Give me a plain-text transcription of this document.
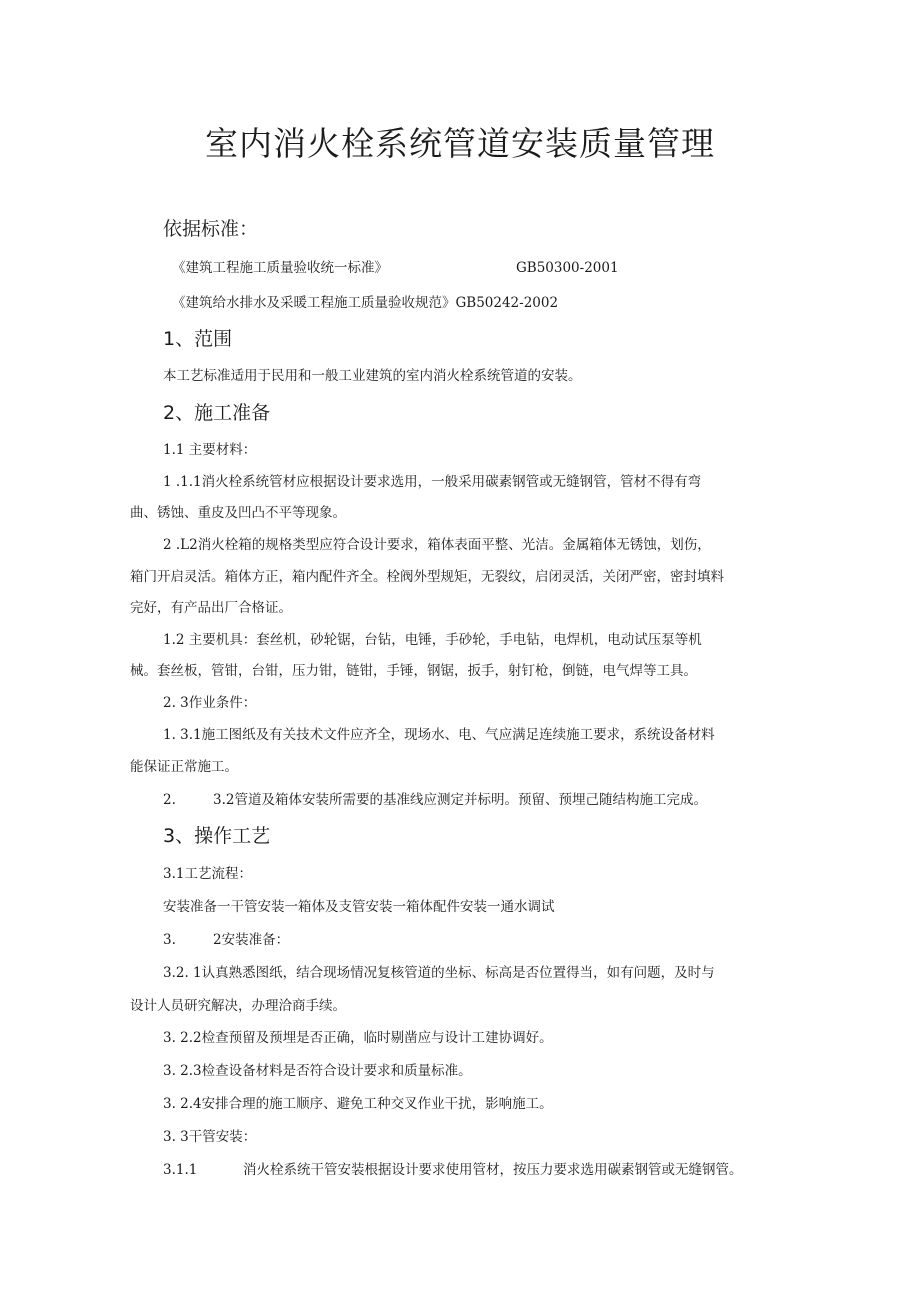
室内消火栓系统管道安装质量管理
依据标准：
《建筑工程施工质量验收统一标准》	GB50300-2001
《建筑给水排水及采暖工程施工质量验收规范》GB50242-2002
1、范围
本工艺标准适用于民用和一般工业建筑的室内消火栓系统管道的安装。
2、施工准备
1.1 主要材料：
1 .1.1消火栓系统管材应根据设计要求选用，一般采用碳素钢管或无缝钢管，管材不得有弯
曲、锈蚀、重皮及凹凸不平等现象。
2 .L2消火栓箱的规格类型应符合设计要求，箱体表面平整、光洁。金属箱体无锈蚀，划伤，
箱门开启灵活。箱体方正，箱内配件齐全。栓阀外型规矩，无裂纹，启闭灵活，关闭严密，密封填料
完好，有产品出厂合格证。
1.2 主要机具：套丝机，砂轮锯，台钻，电锤，手砂轮，手电钻，电焊机，电动试压泵等机
械。套丝板，管钳，台钳，压力钳，链钳，手锤，钢锯，扳手，射钉枪，倒链，电气焊等工具。
2. 3作业条件：
1. 3.1施工图纸及有关技术文件应齐全，现场水、电、气应满足连续施工要求，系统设备材料
能保证正常施工。
2.	3.2管道及箱体安装所需要的基准线应测定并标明。预留、预埋己随结构施工完成。
3、操作工艺
3.1工艺流程：
安装准备一干管安装一箱体及支管安装一箱体配件安装一通水调试
3.	2安装准备：
3.2. 1认真熟悉图纸，结合现场情况复核管道的坐标、标高是否位置得当，如有问题，及时与
设计人员研究解决，办理洽商手续。
3. 2.2检查预留及预埋是否正确，临时剔凿应与设计工建协调好。
3. 2.3检查设备材料是否符合设计要求和质量标准。
3. 2.4安排合理的施工顺序、避免工种交叉作业干扰，影响施工。
3. 3干管安装：
3.1.1	消火栓系统干管安装根据设计要求使用管材，按压力要求选用碳素钢管或无缝钢管。
